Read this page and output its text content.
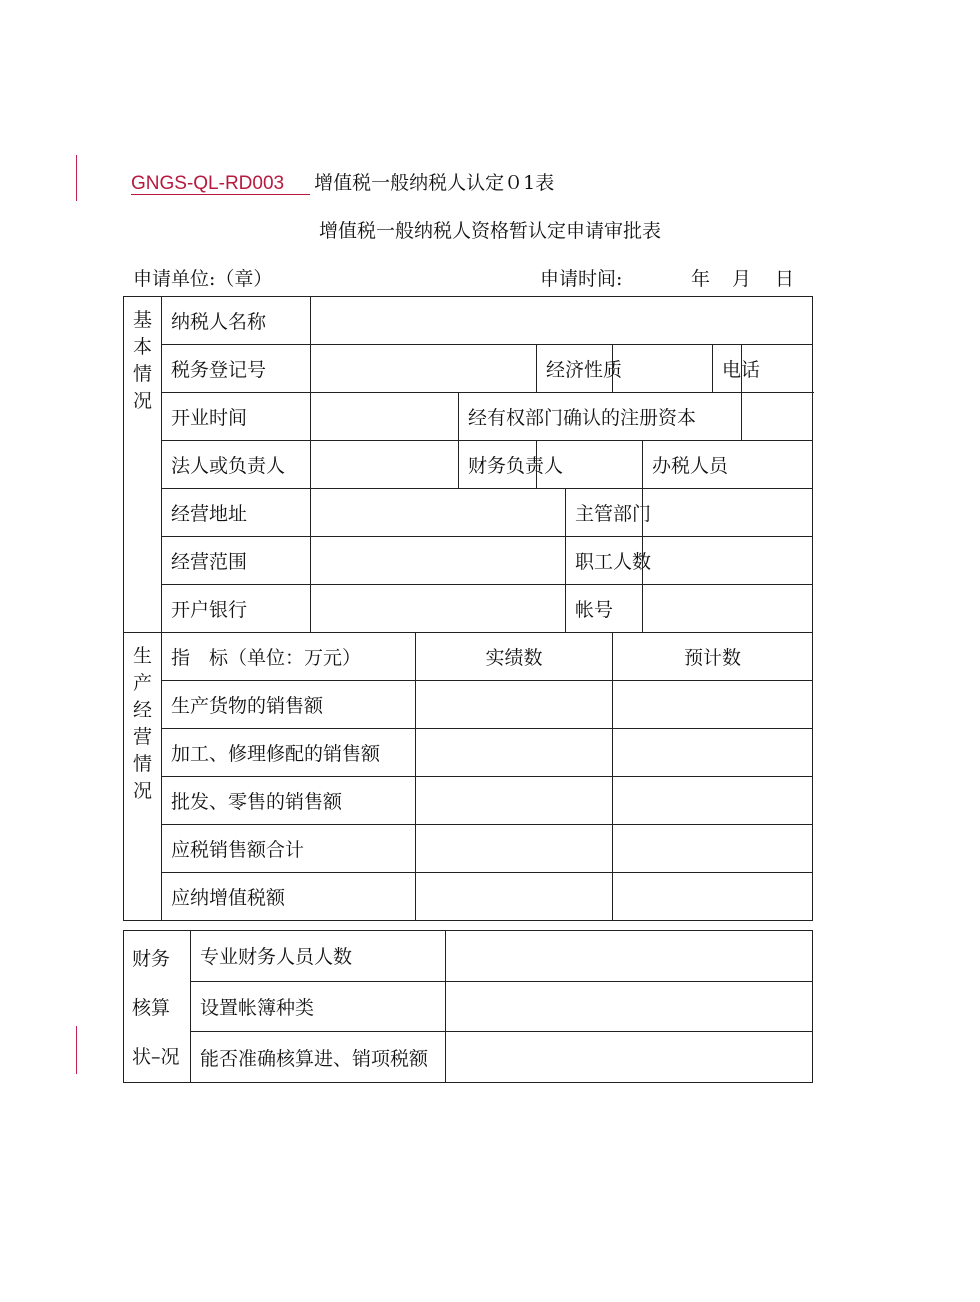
GNGS-QL-RD003 增值税一般纳税人认定０1表
增值税一般纳税人资格暂认定申请审批表
申请单位:（章）	申请时间:	年 月 日
基本情况	纳税人名称										
	税务登记号				经济性质				电话		
	开业时间			经有权部门确认的注册资本							
	法人或负责人			财务负责人				办税人员			
	经营地址					主管部门					
	经营范围					职工人数					
	开户银行					帐号					
生产经营情况	指　标（单位：万元）		实绩数				预计数				
	生产货物的销售额										
	加工、修理修配的销售额										
	批发、零售的销售额										
	应税销售额合计										
	应纳增值税额										
财务
核算
状–况	专业财务人员人数	
	设置帐簿种类	
	能否准确核算进、销项税额	
